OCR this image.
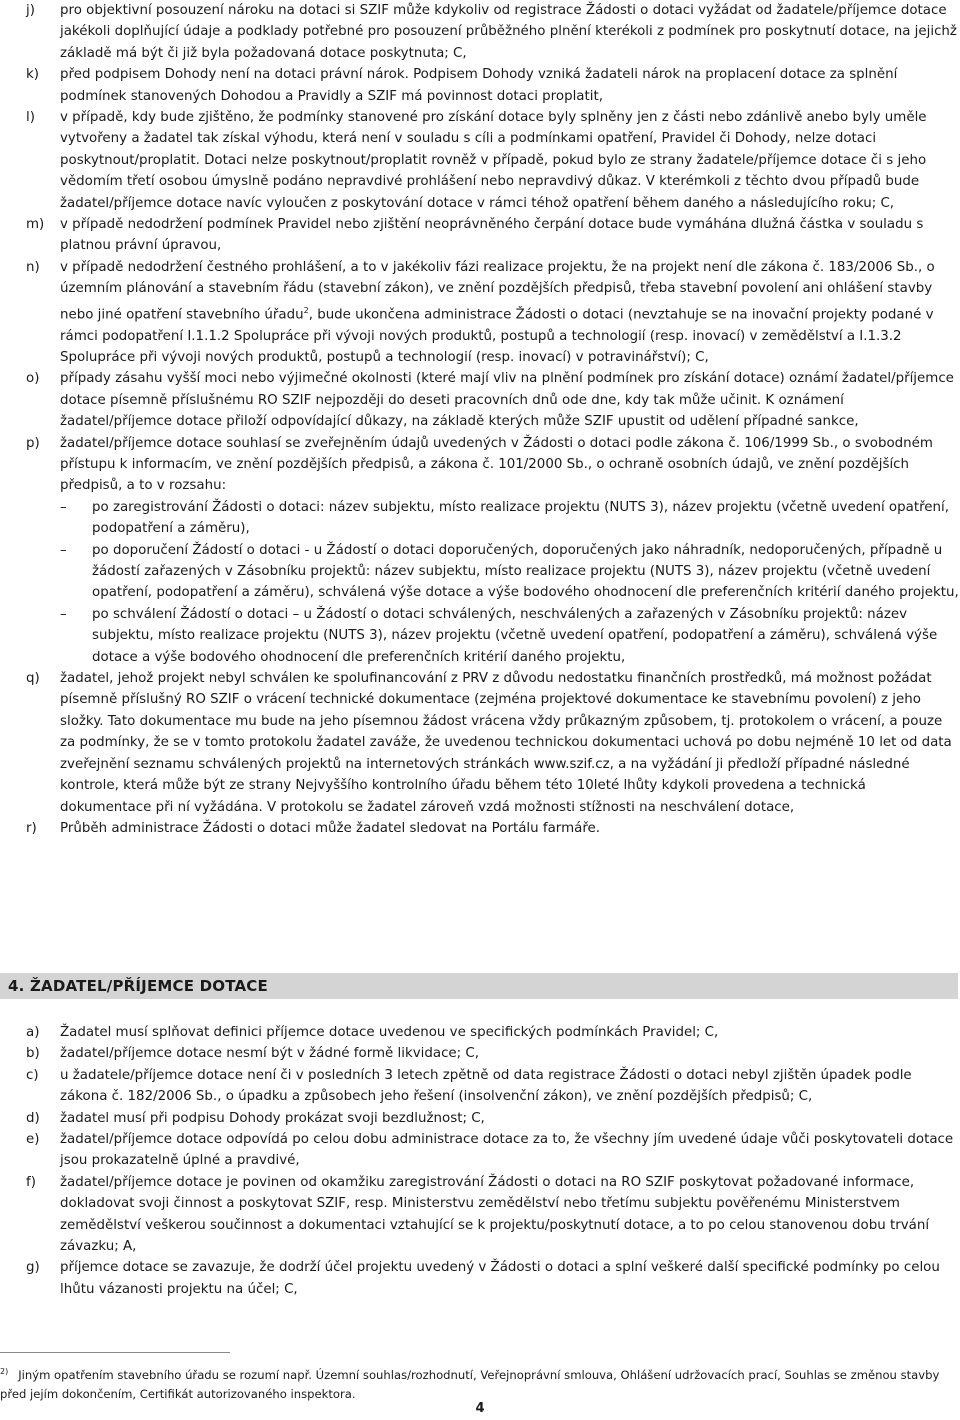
j) pro objektivní posouzení nároku na dotaci si SZIF může kdykoliv od registrace Žádosti o dotaci vyžádat od žadatele/příjemce dotace jakékoli doplňující údaje a podklady potřebné pro posouzení průběžného plnění kterékoli z podmínek pro poskytnutí dotace, na jejichž základě má být či již byla požadovaná dotace poskytnuta; C,
k) před podpisem Dohody není na dotaci právní nárok. Podpisem Dohody vzniká žadateli nárok na proplacení dotace za splnění podmínek stanovených Dohodou a Pravidly a SZIF má povinnost dotaci proplatit,
l) v případě, kdy bude zjištěno, že podmínky stanovené pro získání dotace byly splněny jen z části nebo zdánlivě anebo byly uměle vytvořeny a žadatel tak získal výhodu, která není v souladu s cíli a podmínkami opatření, Pravidel či Dohody, nelze dotaci poskytnout/proplatit. Dotaci nelze poskytnout/proplatit rovněž v případě, pokud bylo ze strany žadatele/příjemce dotace či s jeho vědomím třetí osobou úmyslně podáno nepravdivé prohlášení nebo nepravdivý důkaz. V kterémkoli z těchto dvou případů bude žadatel/příjemce dotace navíc vyloučen z poskytování dotace v rámci téhož opatření během daného a následujícího roku; C,
m) v případě nedodržení podmínek Pravidel nebo zjištění neoprávněného čerpání dotace bude vymáhána dlužná částka v souladu s platnou právní úpravou,
n) v případě nedodržení čestného prohlášení, a to v jakékoliv fázi realizace projektu, že na projekt není dle zákona č. 183/2006 Sb., o územním plánování a stavebním řádu (stavební zákon), ve znění pozdějších předpisů, třeba stavební povolení ani ohlášení stavby nebo jiné opatření stavebního úřadu$^2$, bude ukončena administrace Žádosti o dotaci (nevztahuje se na inovační projekty podané v rámci podopatření I.1.1.2 Spolupráce při vývoji nových produktů, postupů a technologií (resp. inovací) v zemědělství a I.1.3.2 Spolupráce při vývoji nových produktů, postupů a technologií (resp. inovací) v potravinářství); C,
o) případy zásahu vyšší moci nebo výjimečné okolnosti (které mají vliv na plnění podmínek pro získání dotace) oznámí žadatel/příjemce dotace písemně příslušnému RO SZIF nejpozději do deseti pracovních dnů ode dne, kdy tak může učinit. K oznámení žadatel/příjemce dotace přiloží odpovídající důkazy, na základě kterých může SZIF upustit od udělení případné sankce,
p) žadatel/příjemce dotace souhlasí se zveřejněním údajů uvedených v Žádosti o dotaci podle zákona č. 106/1999 Sb., o svobodném přístupu k informacím, ve znění pozdějších předpisů, a zákona č. 101/2000 Sb., o ochraně osobních údajů, ve znění pozdějších předpisů, a to v rozsahu:
–	po zaregistrování Žádosti o dotaci: název subjektu, místo realizace projektu (NUTS 3), název projektu (včetně uvedení opatření, podopatření a záměru),
–	po doporučení Žádostí o dotaci - u Žádostí o dotaci doporučených, doporučených jako náhradník, nedoporučených, případně u žádostí zařazených v Zásobníku projektů: název subjektu, místo realizace projektu (NUTS 3), název projektu (včetně uvedení opatření, podopatření a záměru), schválená výše dotace a výše bodového ohodnocení dle preferenčních kritérií daného projektu,
–	po schválení Žádostí o dotaci – u Žádostí o dotaci schválených, neschválených a zařazených v Zásobníku projektů: název subjektu, místo realizace projektu (NUTS 3), název projektu (včetně uvedení opatření, podopatření a záměru), schválená výše dotace a výše bodového ohodnocení dle preferenčních kritérií daného projektu,
q) žadatel, jehož projekt nebyl schválen ke spolufinancování z PRV z důvodu nedostatku finančních prostředků, má možnost požádat písemně příslušný RO SZIF o vrácení technické dokumentace (zejména projektové dokumentace ke stavebnímu povolení) z jeho složky. Tato dokumentace mu bude na jeho písemnou žádost vrácena vždy průkazným způsobem, tj. protokolem o vrácení, a pouze za podmínky, že se v tomto protokolu žadatel zaváže, že uvedenou technickou dokumentaci uchová po dobu nejméně 10 let od data zveřejnění seznamu schválených projektů na internetových stránkách www.szif.cz, a na vyžádání ji předloží případné následné kontrole, která může být ze strany Nejvyššího kontrolního úřadu během této 10leté lhůty kdykoli provedena a technická dokumentace při ní vyžádána. V protokolu se žadatel zároveň vzdá možnosti stížnosti na neschválení dotace,
r) Průběh administrace Žádosti o dotaci může žadatel sledovat na Portálu farmáře.
4. ŽADATEL/PŘÍJEMCE DOTACE
a) Žadatel musí splňovat definici příjemce dotace uvedenou ve specifických podmínkách Pravidel; C,
b) žadatel/příjemce dotace nesmí být v žádné formě likvidace; C,
c) u žadatele/příjemce dotace není či v posledních 3 letech zpětně od data registrace Žádosti o dotaci nebyl zjištěn úpadek podle zákona č. 182/2006 Sb., o úpadku a způsobech jeho řešení (insolvenční zákon), ve znění pozdějších předpisů; C,
d) žadatel musí při podpisu Dohody prokázat svoji bezdlužnost; C,
e) žadatel/příjemce dotace odpovídá po celou dobu administrace dotace za to, že všechny jím uvedené údaje vůči poskytovateli dotace jsou prokazatelně úplné a pravdivé,
f) žadatel/příjemce dotace je povinen od okamžiku zaregistrování Žádosti o dotaci na RO SZIF poskytovat požadované informace, dokladovat svoji činnost a poskytovat SZIF, resp. Ministerstvu zemědělství nebo třetímu subjektu pověřenému Ministerstvem zemědělství veškerou součinnost a dokumentaci vztahující se k projektu/poskytnutí dotace, a to po celou stanovenou dobu trvání závazku; A,
g) příjemce dotace se zavazuje, že dodrží účel projektu uvedený v Žádosti o dotaci a splní veškeré další specifické podmínky po celou lhůtu vázanosti projektu na účel; C,
$^{2)}$ Jiným opatřením stavebního úřadu se rozumí např. Územní souhlas/rozhodnutí, Veřejnoprávní smlouva, Ohlášení udržovacích prací, Souhlas se změnou stavby před jejím dokončením, Certifikát autorizovaného inspektora.
4
